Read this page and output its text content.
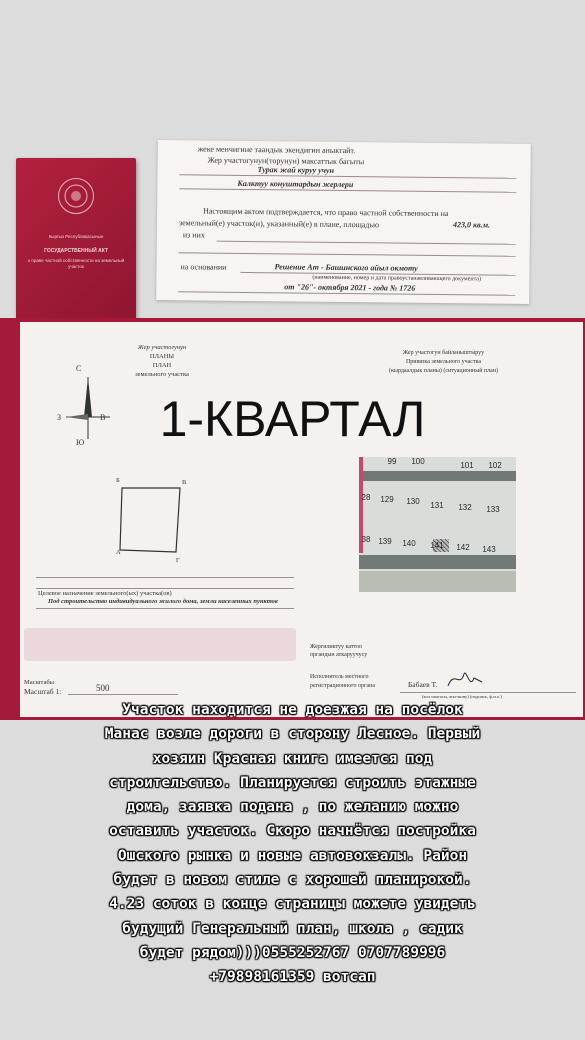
жеке менчигине таандык экендигин аныктайт.
Жер участогунун(торунун) максаттык багыты
Турак жай куруу учун
Калктуу конуштардын жерлери
Настоящим актом подтверждается, что право частной собственности на
земельный(е) участок(и), указанный(е) в плане, площадью	423,0 кв.м.
из них
на основании	Решение Ат - Башинского айыл окмоту
(наименование, номер и дата правоустанавливающего документа)
от "26"- октября 2021 - года № 1726
Кыргыз Республикасынын
ГОСУДАРСТВЕННЫЙ АКТ
о праве частной собственности на земельный участок
Жер участогунун
ПЛАНЫ
ПЛАН
земельного участка
С
Ю
З	В
Б	В
А
Г
Целевое назначение земельного(ых) участка(ов)
Под строительство индивидуального жилого дома, земли населенных пунктов
Масштабы
Масштаб 1:	500
Жер участогун байланыштыруу
Привязка земельного участка
(кырдаалдык планы) (ситуационный план)
Жергиликтуу каттоо
органдын аткаруучусу
Исполнитель местного
регистрационного органа	Бабаев Т.
(кол тамгасы, аты-жону) (подпись, ф.и.о.)
99	100	101	102
129	130	131	132	133
139	140	141	142	143
28
38
1-КВАРТАЛ
Участок находится не доезжая на посёлок
Манас возле дороги в сторону Лесное. Первый
хозяин Красная книга имеется под
строительство. Планируется строить этажные
дома, заявка подана , по желанию можно
оставить участок. Скоро начнётся постройка
Ошского рынка и новые автовокзалы. Район
будет в новом стиле с хорошей планирокой.
4.23 соток в конце страницы можете увидеть
будущий Генеральный план, школа , садик
будет рядом)))0555252767 0707789996
+79898161359 вотсап
